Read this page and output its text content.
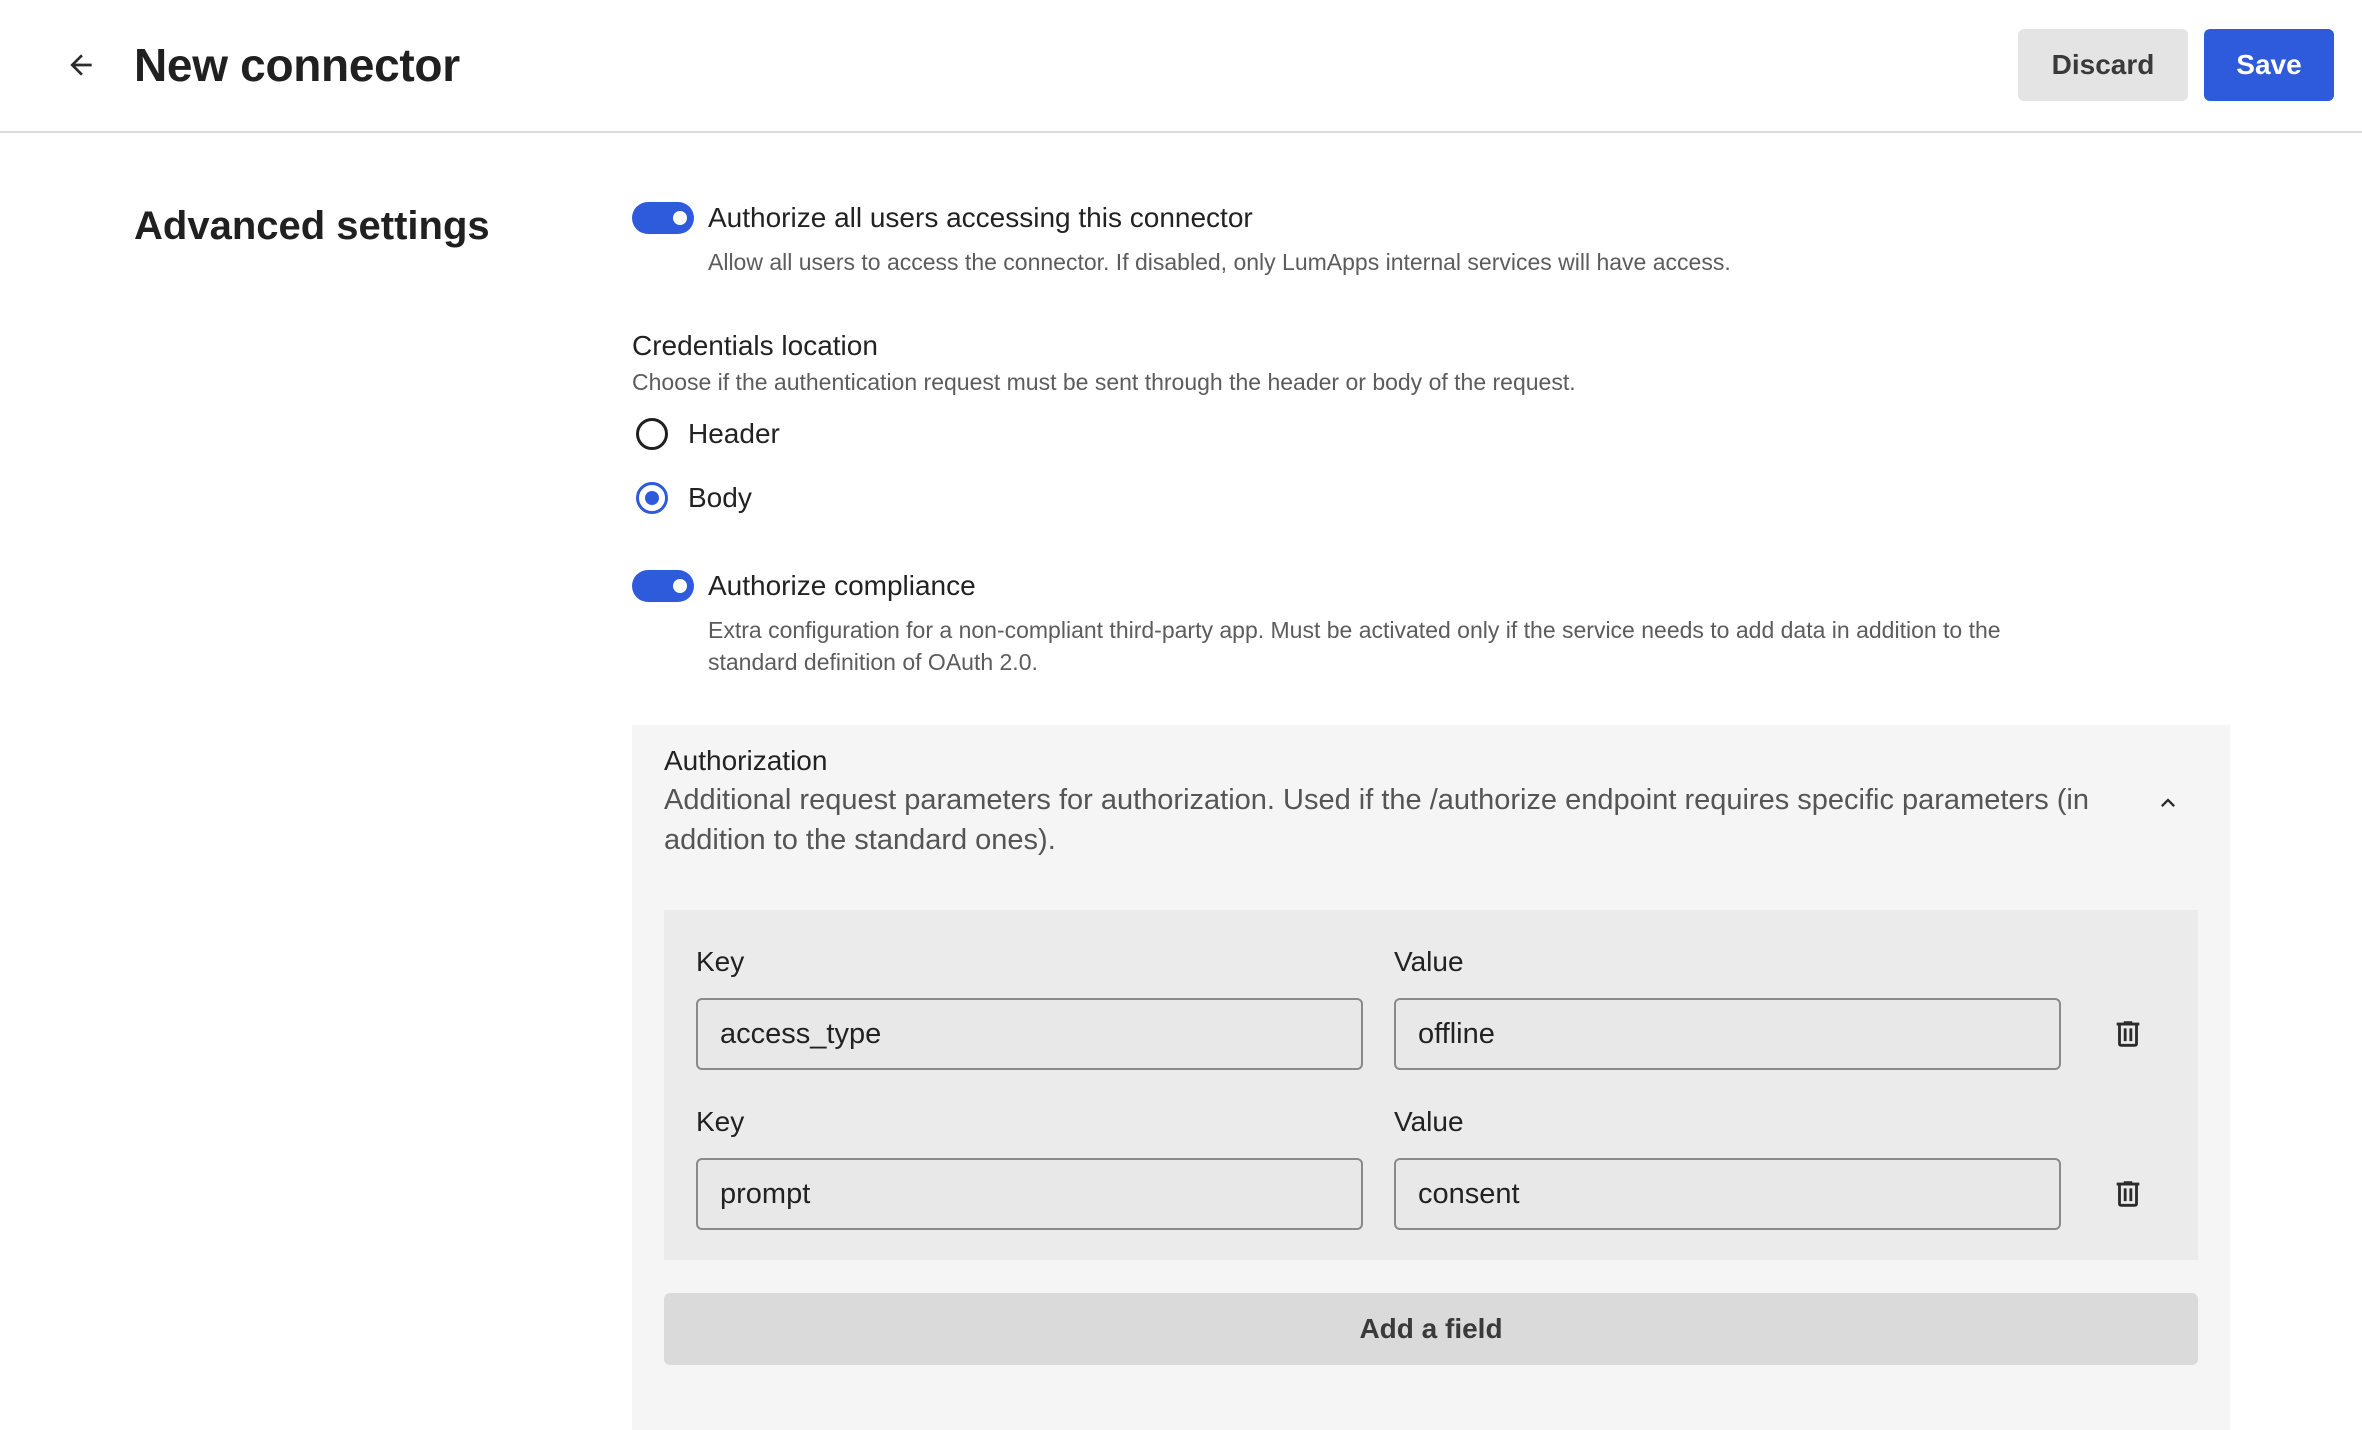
New connector	Discard	Save
Advanced settings	Authorize all users accessing this connector
Allow all users to access the connector. If disabled, only LumApps internal services will have access.
Credentials location
Choose if the authentication request must be sent through the header or body of the request.
Header
Body
Authorize compliance
Extra configuration for a non-compliant third-party app. Must be activated only if the service needs to add data in addition to the
standard definition of OAuth 2.0.
Authorization
Additional request parameters for authorization. Used if the /authorize endpoint requires specific parameters (in addition to the standard ones).
Key	Value
access_type	offline
Key	Value
prompt	consent
Add a field
